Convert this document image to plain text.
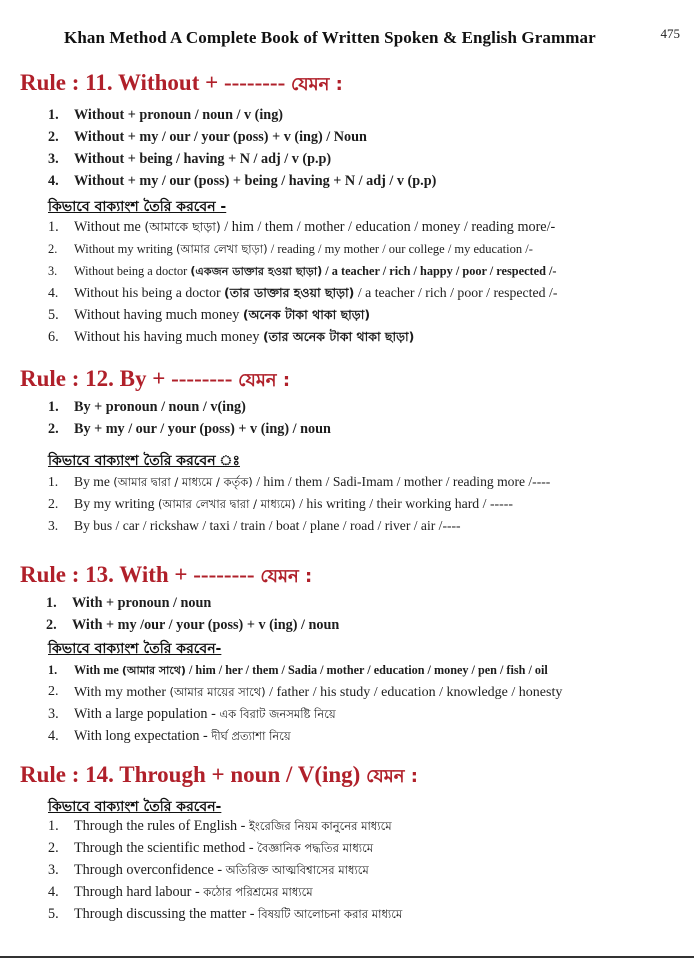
Khan Method A Complete Book of Written Spoken & English Grammar	475
Rule : 11. Without + -------- যেমন :
1. Without + pronoun / noun / v (ing)
2. Without + my / our / your (poss) + v (ing) / Noun
3. Without + being / having + N / adj / v (p.p)
4. Without + my / our (poss) + being / having + N / adj / v (p.p)
কিভাবে বাক্যাংশ তৈরি করবেন -
1. Without me (আমাকে ছাড়া) / him / them / mother / education / money / reading more/-
2. Without my writing (আমার লেখা ছাড়া) / reading / my mother / our college / my education /-
3. Without being a doctor (একজন ডাক্তার হওয়া ছাড়া) / a teacher / rich / happy / poor / respected /-
4. Without his being a doctor (তার ডাক্তার হওয়া ছাড়া) / a teacher / rich / poor / respected /-
5. Without having much money (অনেক টাকা থাকা ছাড়া)
6. Without his having much money (তার অনেক টাকা থাকা ছাড়া)
Rule : 12. By + -------- যেমন :
1. By + pronoun / noun / v(ing)
2. By + my / our / your (poss) + v (ing) / noun
কিভাবে বাক্যাংশ তৈরি করবেন ঃ
1. By me (আমার দ্বারা / মাধ্যমে / কর্তৃক) / him / them / Sadi-Imam / mother / reading more /----
2. By my writing (আমার লেখার দ্বারা / মাধ্যমে) / his writing / their working hard / -----
3. By bus / car / rickshaw / taxi / train / boat / plane / road / river / air /----
Rule : 13. With + -------- যেমন :
1. With + pronoun / noun
2. With + my /our / your (poss) + v (ing) / noun
কিভাবে বাক্যাংশ তৈরি করবেন-
1. With me (আমার সাথে) / him / her / them / Sadia / mother / education / money / pen / fish / oil
2. With my mother (আমার মায়ের সাথে) / father / his study / education / knowledge / honesty
3. With a large population - এক বিরাট জনসমষ্টি নিয়ে
4. With long expectation - দীর্ঘ প্রত্যাশা নিয়ে
Rule : 14. Through + noun / V(ing) যেমন :
কিভাবে বাক্যাংশ তৈরি করবেন-
1. Through the rules of English - ইংরেজির নিয়ম কানুনের মাধ্যমে
2. Through the scientific method - বৈজ্ঞানিক পদ্ধতির মাধ্যমে
3. Through overconfidence - অতিরিক্ত আত্মবিশ্বাসের মাধ্যমে
4. Through hard labour - কঠোর পরিশ্রমের মাধ্যমে
5. Through discussing the matter - বিষয়টি আলোচনা করার মাধ্যমে
